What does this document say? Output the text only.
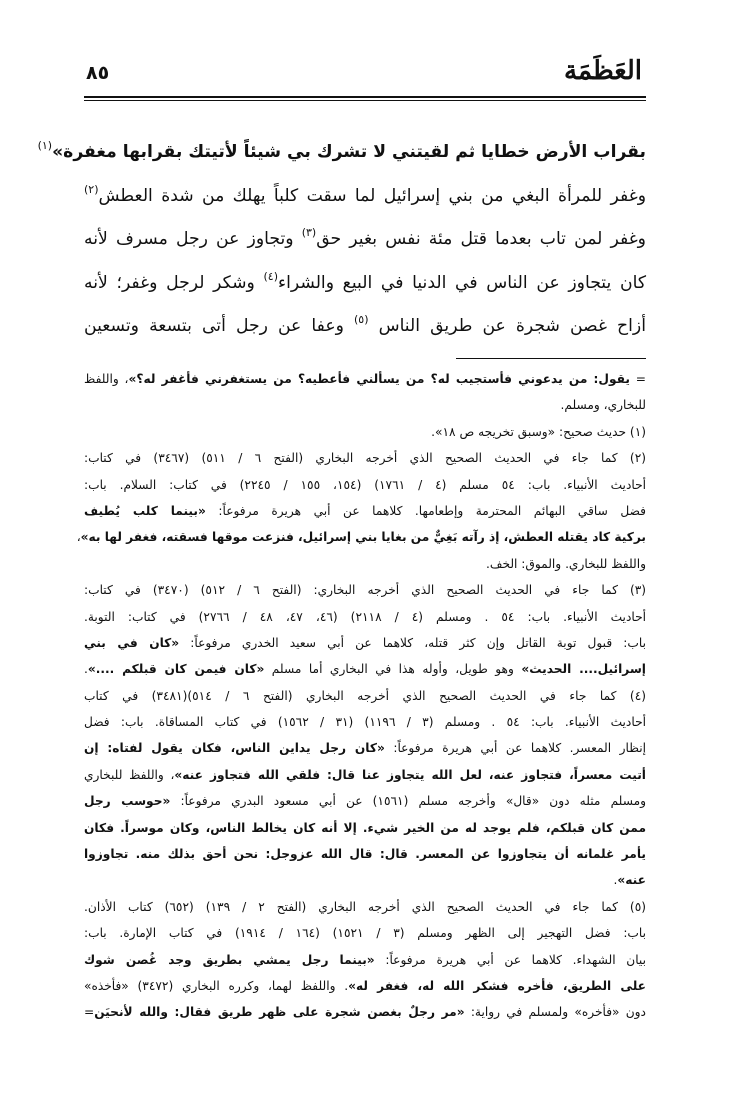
العَظَمَة
٨٥
بقراب الأرض خطايا ثم لقيتني لا تشرك بي شيئاً لأتيتك بقرابها مغفرة»$^{(١)}$
وغفر للمرأة البغي من بني إسرائيل لما سقت كلباً يهلك من شدة العطش$^{(٢)}$
وغفر لمن تاب بعدما قتل مئة نفس بغير حق$^{(٣)}$ وتجاوز عن رجل مسرف لأنه
كان يتجاوز عن الناس في الدنيا في البيع والشراء$^{(٤)}$ وشكر لرجل وغفر؛ لأنه
أزاح غصن شجرة عن طريق الناس $^{(٥)}$ وعفا عن رجل أتى بتسعة وتسعين
= يقول: من يدعوني فأستجيب له؟ من يسألني فأعطيه؟ من يستغفرني فأغفر له؟»، واللفظ
للبخاري، ومسلم.
(١) حديث صحيح: «وسبق تخريجه ص ١٨».
(٢) كما جاء في الحديث الصحيح الذي أخرجه البخاري (الفتح ٦ / ٥١١) (٣٤٦٧) في كتاب:
أحاديث الأنبياء. باب: ٥٤ مسلم (٤ / ١٧٦١) (١٥٤، ١٥٥ / ٢٢٤٥) في كتاب: السلام. باب:
فضل ساقي البهائم المحترمة وإطعامها. كلاهما عن أبي هريرة مرفوعاً: «بينما كلب يُطيف
بركية كاد يقتله العطش، إذ رآته بَغِيٌّ من بغايا بني إسرائيل، فنزعت موقها فسقته، فغفر لها به»،
واللفظ للبخاري. والموق: الخف.
(٣) كما جاء في الحديث الصحيح الذي أخرجه البخاري: (الفتح ٦ / ٥١٢) (٣٤٧٠) في كتاب:
أحاديث الأنبياء. باب: ٥٤ . ومسلم (٤ / ٢١١٨) (٤٦، ٤٧، ٤٨ / ٢٧٦٦) في كتاب: التوبة.
باب: قبول توبة القاتل وإن كثر قتله، كلاهما عن أبي سعيد الخدري مرفوعاً: «كان في بني
إسرائيل.... الحديث» وهو طويل، وأوله هذا في البخاري أما مسلم «كان فيمن كان قبلكم ....».
(٤) كما جاء في الحديث الصحيح الذي أخرجه البخاري (الفتح ٦ / ٥١٤)(٣٤٨١) في كتاب
أحاديث الأنبياء. باب: ٥٤ . ومسلم (٣ / ١١٩٦) (٣١ / ١٥٦٢) في كتاب المساقاة. باب: فضل
إنظار المعسر. كلاهما عن أبي هريرة مرفوعاً: «كان رجل يداين الناس، فكان يقول لفتاه: إن
أتيت معسراً، فتجاوز عنه، لعل الله يتجاوز عنا قال: فلقي الله فتجاوز عنه»، واللفظ للبخاري
ومسلم مثله دون «قال» وأخرجه مسلم (١٥٦١) عن أبي مسعود البدري مرفوعاً: «حوسب رجل
ممن كان قبلكم، فلم يوجد له من الخير شيء. إلا أنه كان يخالط الناس، وكان موسراً. فكان
يأمر غلمانه أن يتجاوزوا عن المعسر. قال: قال الله عزوجل: نحن أحق بذلك منه. تجاوزوا
عنه».
(٥) كما جاء في الحديث الصحيح الذي أخرجه البخاري (الفتح ٢ / ١٣٩) (٦٥٢) كتاب الأذان.
باب: فضل التهجير إلى الظهر ومسلم (٣ / ١٥٢١) (١٦٤ / ١٩١٤) في كتاب الإمارة. باب:
بيان الشهداء. كلاهما عن أبي هريرة مرفوعاً: «بينما رجل يمشي بطريق وجد غُصن شوك
على الطريق، فأخره فشكر الله له، فغفر له». واللفظ لهما، وكرره البخاري (٣٤٧٢) «فأخذه»
دون «فأخره» ولمسلم في رواية: «مر رجلٌ بغصن شجرة على ظهر طريق فقال: والله لأنحيَن=
